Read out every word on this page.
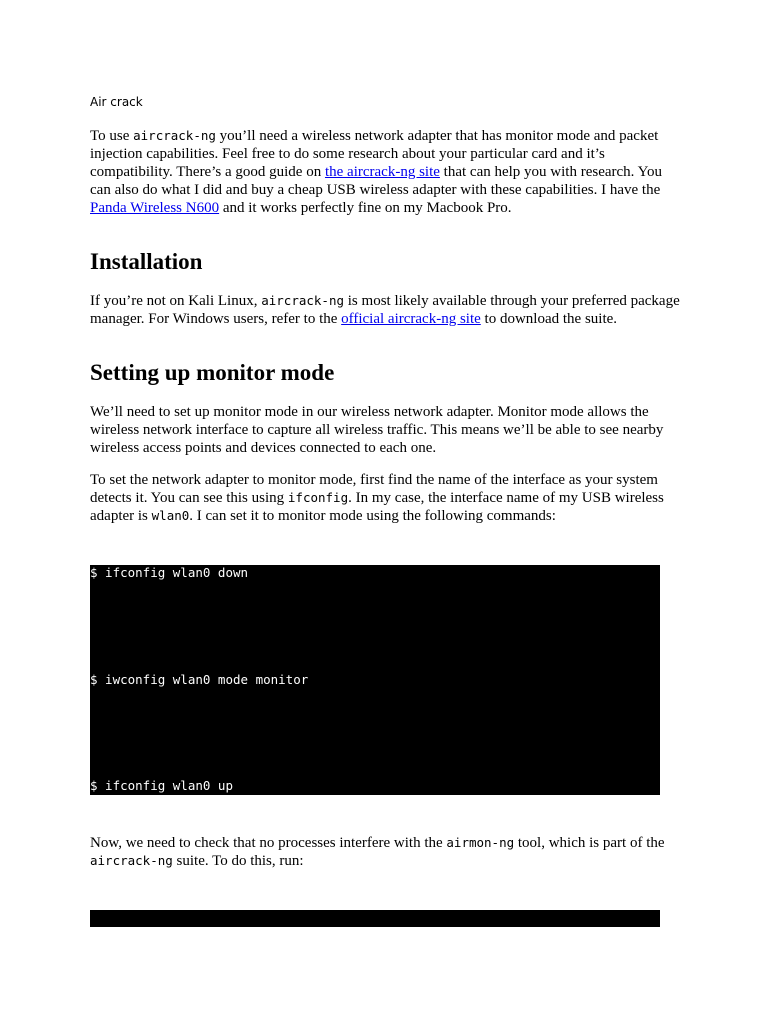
Air crack

To use aircrack-ng you’ll need a wireless network adapter that has monitor mode and packet injection capabilities. Feel free to do some research about your particular card and it’s compatibility. There’s a good guide on the aircrack-ng site that can help you with research. You can also do what I did and buy a cheap USB wireless adapter with these capabilities. I have the Panda Wireless N600 and it works perfectly fine on my Macbook Pro.

Installation

If you’re not on Kali Linux, aircrack-ng is most likely available through your preferred package manager. For Windows users, refer to the official aircrack-ng site to download the suite.

Setting up monitor mode

We’ll need to set up monitor mode in our wireless network adapter. Monitor mode allows the wireless network interface to capture all wireless traffic. This means we’ll be able to see nearby wireless access points and devices connected to each one.

To set the network adapter to monitor mode, first find the name of the interface as your system detects it. You can see this using ifconfig. In my case, the interface name of my USB wireless adapter is wlan0. I can set it to monitor mode using the following commands:

$ ifconfig wlan0 down

$ iwconfig wlan0 mode monitor

$ ifconfig wlan0 up

Now, we need to check that no processes interfere with the airmon-ng tool, which is part of the aircrack-ng suite. To do this, run:

$ airmon-ng check wlan0
